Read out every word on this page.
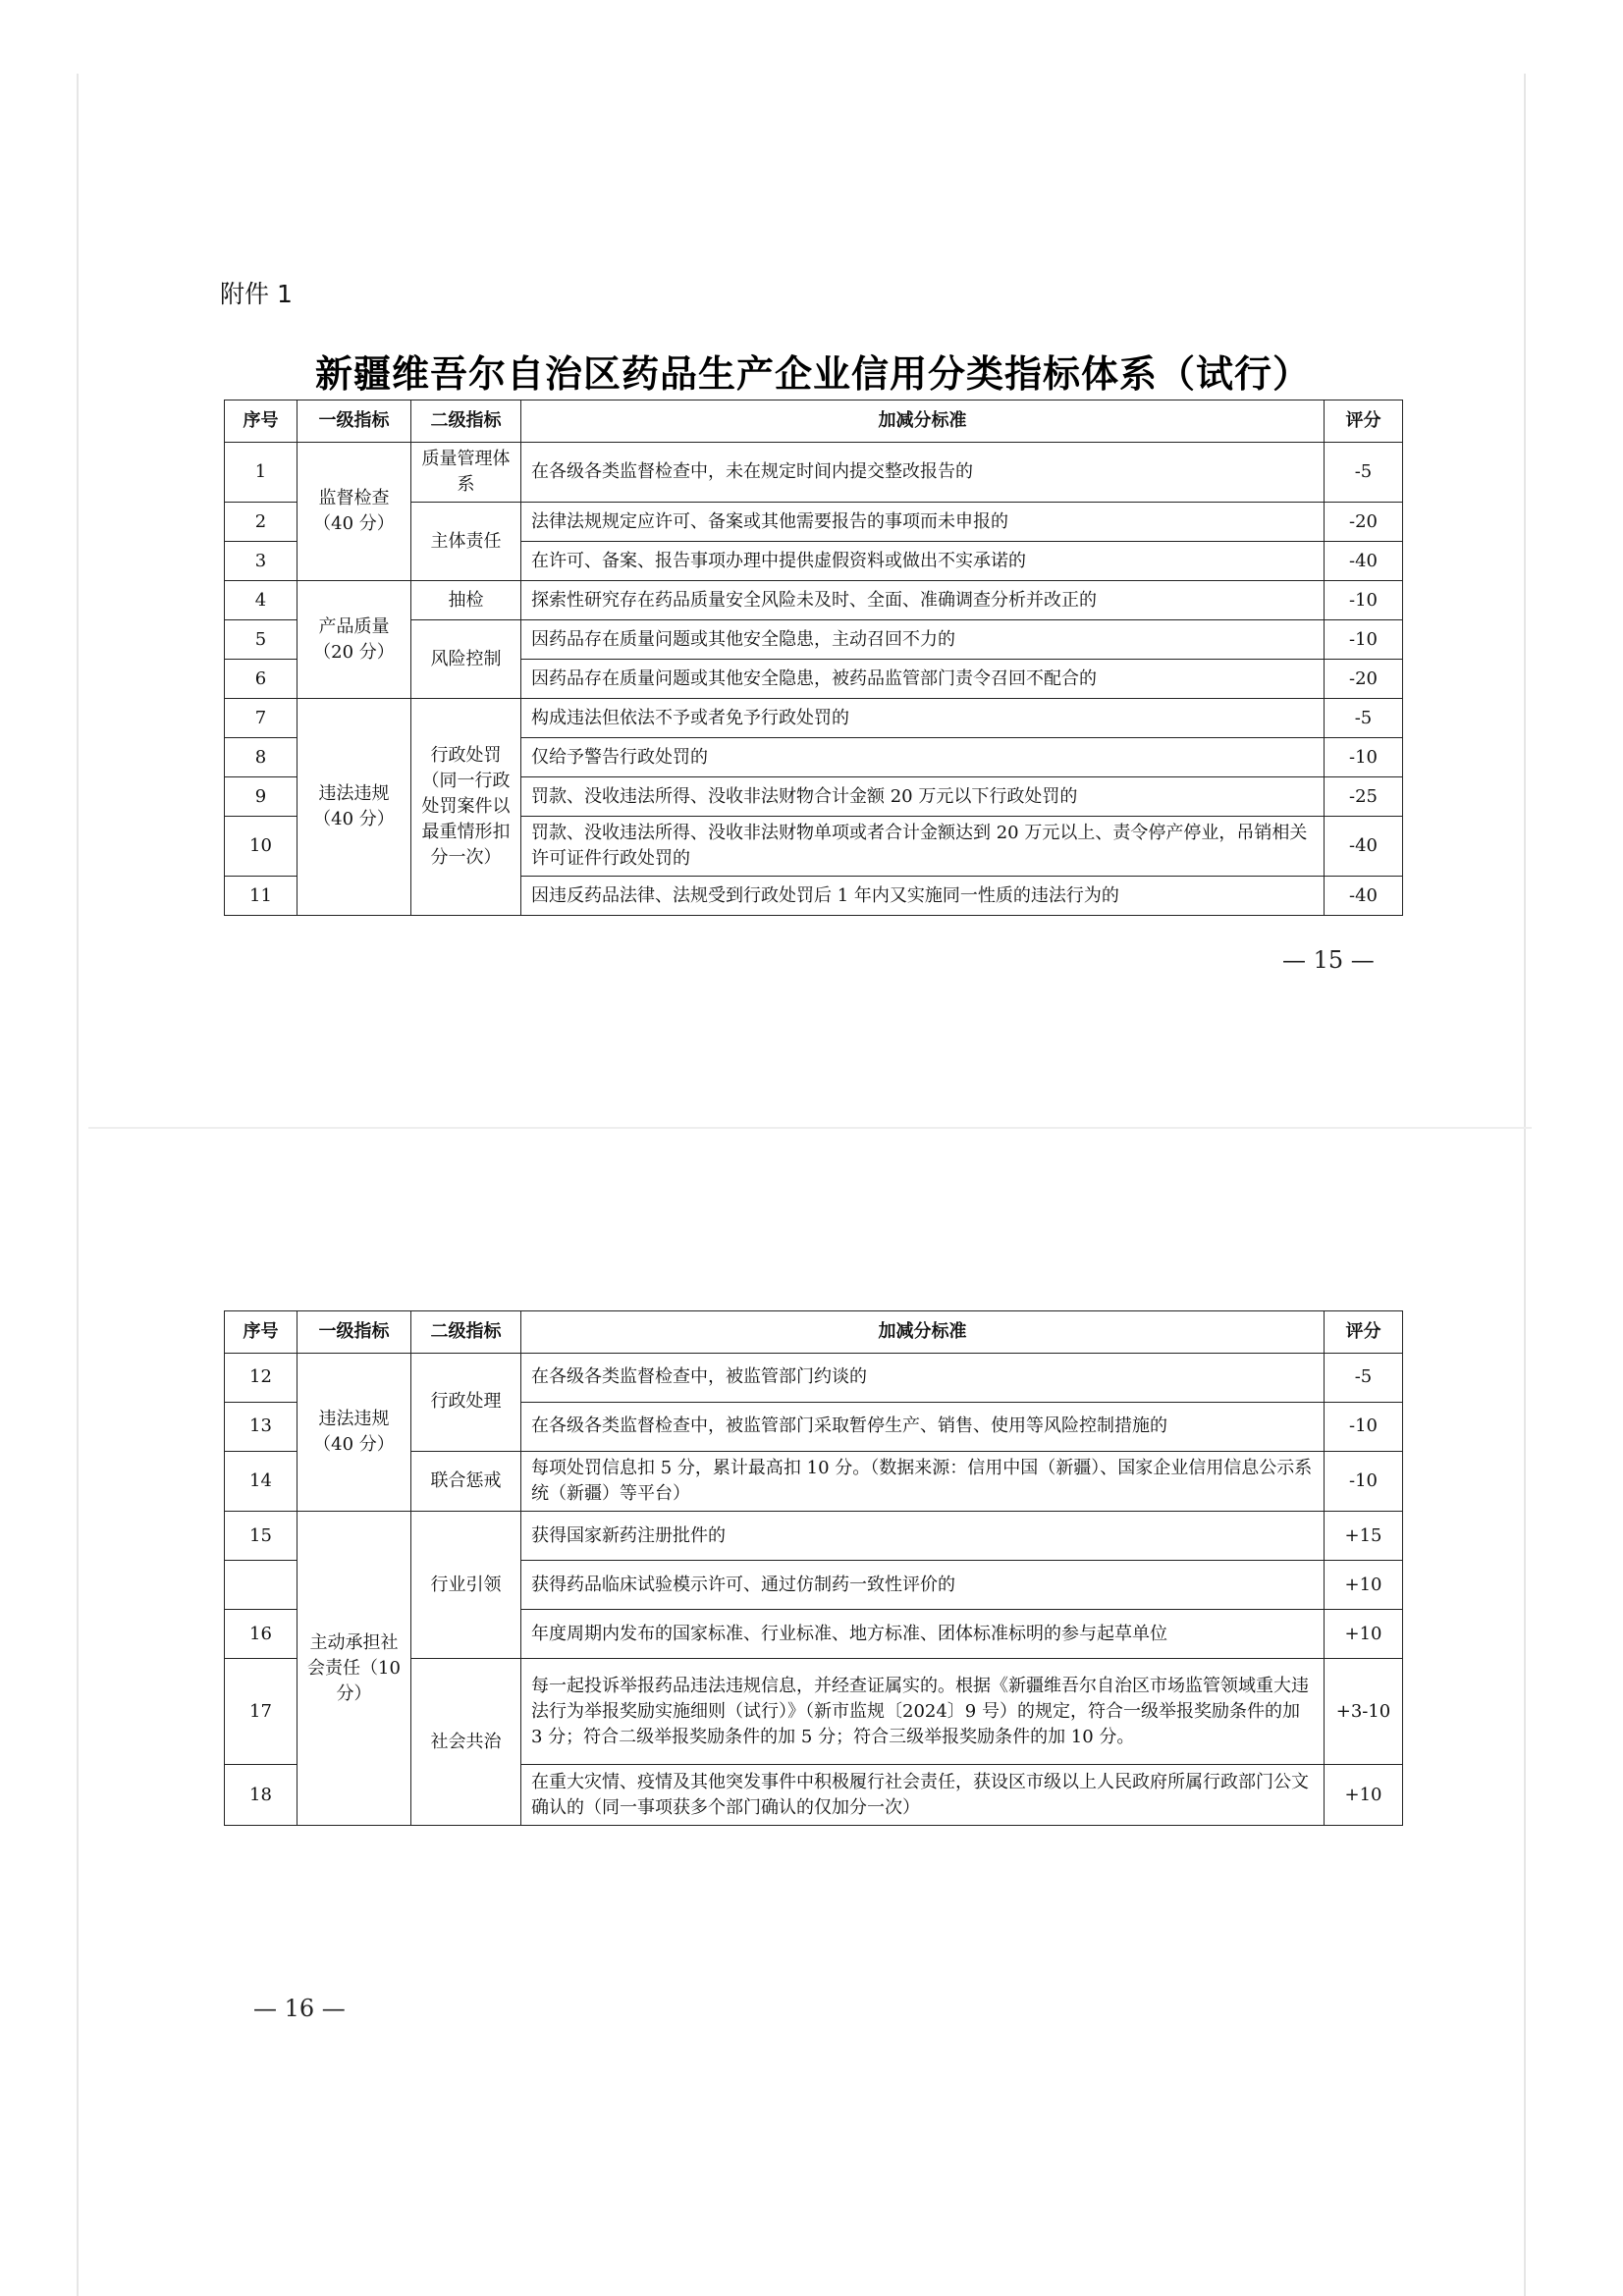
附件 1
新疆维吾尔自治区药品生产企业信用分类指标体系（试行）
序号	一级指标	二级指标	加减分标准	评分
1	监督检查（40 分）	质量管理体系	在各级各类监督检查中，未在规定时间内提交整改报告的	-5
2		主体责任	法律法规规定应许可、备案或其他需要报告的事项而未申报的	-20
3			在许可、备案、报告事项办理中提供虚假资料或做出不实承诺的	-40
4	产品质量（20 分）	抽检	探索性研究存在药品质量安全风险未及时、全面、准确调查分析并改正的	-10
5		风险控制	因药品存在质量问题或其他安全隐患，主动召回不力的	-10
6			因药品存在质量问题或其他安全隐患，被药品监管部门责令召回不配合的	-20
7	违法违规（40 分）	行政处罚（同一行政处罚案件以最重情形扣分一次）	构成违法但依法不予或者免予行政处罚的	-5
8			仅给予警告行政处罚的	-10
9			罚款、没收违法所得、没收非法财物合计金额 20 万元以下行政处罚的	-25
10			罚款、没收违法所得、没收非法财物单项或者合计金额达到 20 万元以上、责令停产停业，吊销相关许可证件行政处罚的	-40
11			因违反药品法律、法规受到行政处罚后 1 年内又实施同一性质的违法行为的	-40
— 15 —
序号	一级指标	二级指标	加减分标准	评分
12	违法违规（40 分）	行政处理	在各级各类监督检查中，被监管部门约谈的	-5
13			在各级各类监督检查中，被监管部门采取暂停生产、销售、使用等风险控制措施的	-10
14		联合惩戒	每项处罚信息扣 5 分，累计最高扣 10 分。（数据来源：信用中国（新疆）、国家企业信用信息公示系统（新疆）等平台）	-10
15	主动承担社会责任（10 分）	行业引领	获得国家新药注册批件的	+15
			获得药品临床试验模示许可、通过仿制药一致性评价的	+10
16			年度周期内发布的国家标准、行业标准、地方标准、团体标准标明的参与起草单位	+10
17		社会共治	每一起投诉举报药品违法违规信息，并经查证属实的。根据《新疆维吾尔自治区市场监管领域重大违法行为举报奖励实施细则（试行）》（新市监规〔2024〕9 号）的规定，符合一级举报奖励条件的加 3 分；符合二级举报奖励条件的加 5 分；符合三级举报奖励条件的加 10 分。	+3-10
18			在重大灾情、疫情及其他突发事件中积极履行社会责任，获设区市级以上人民政府所属行政部门公文确认的（同一事项获多个部门确认的仅加分一次）	+10
— 16 —
